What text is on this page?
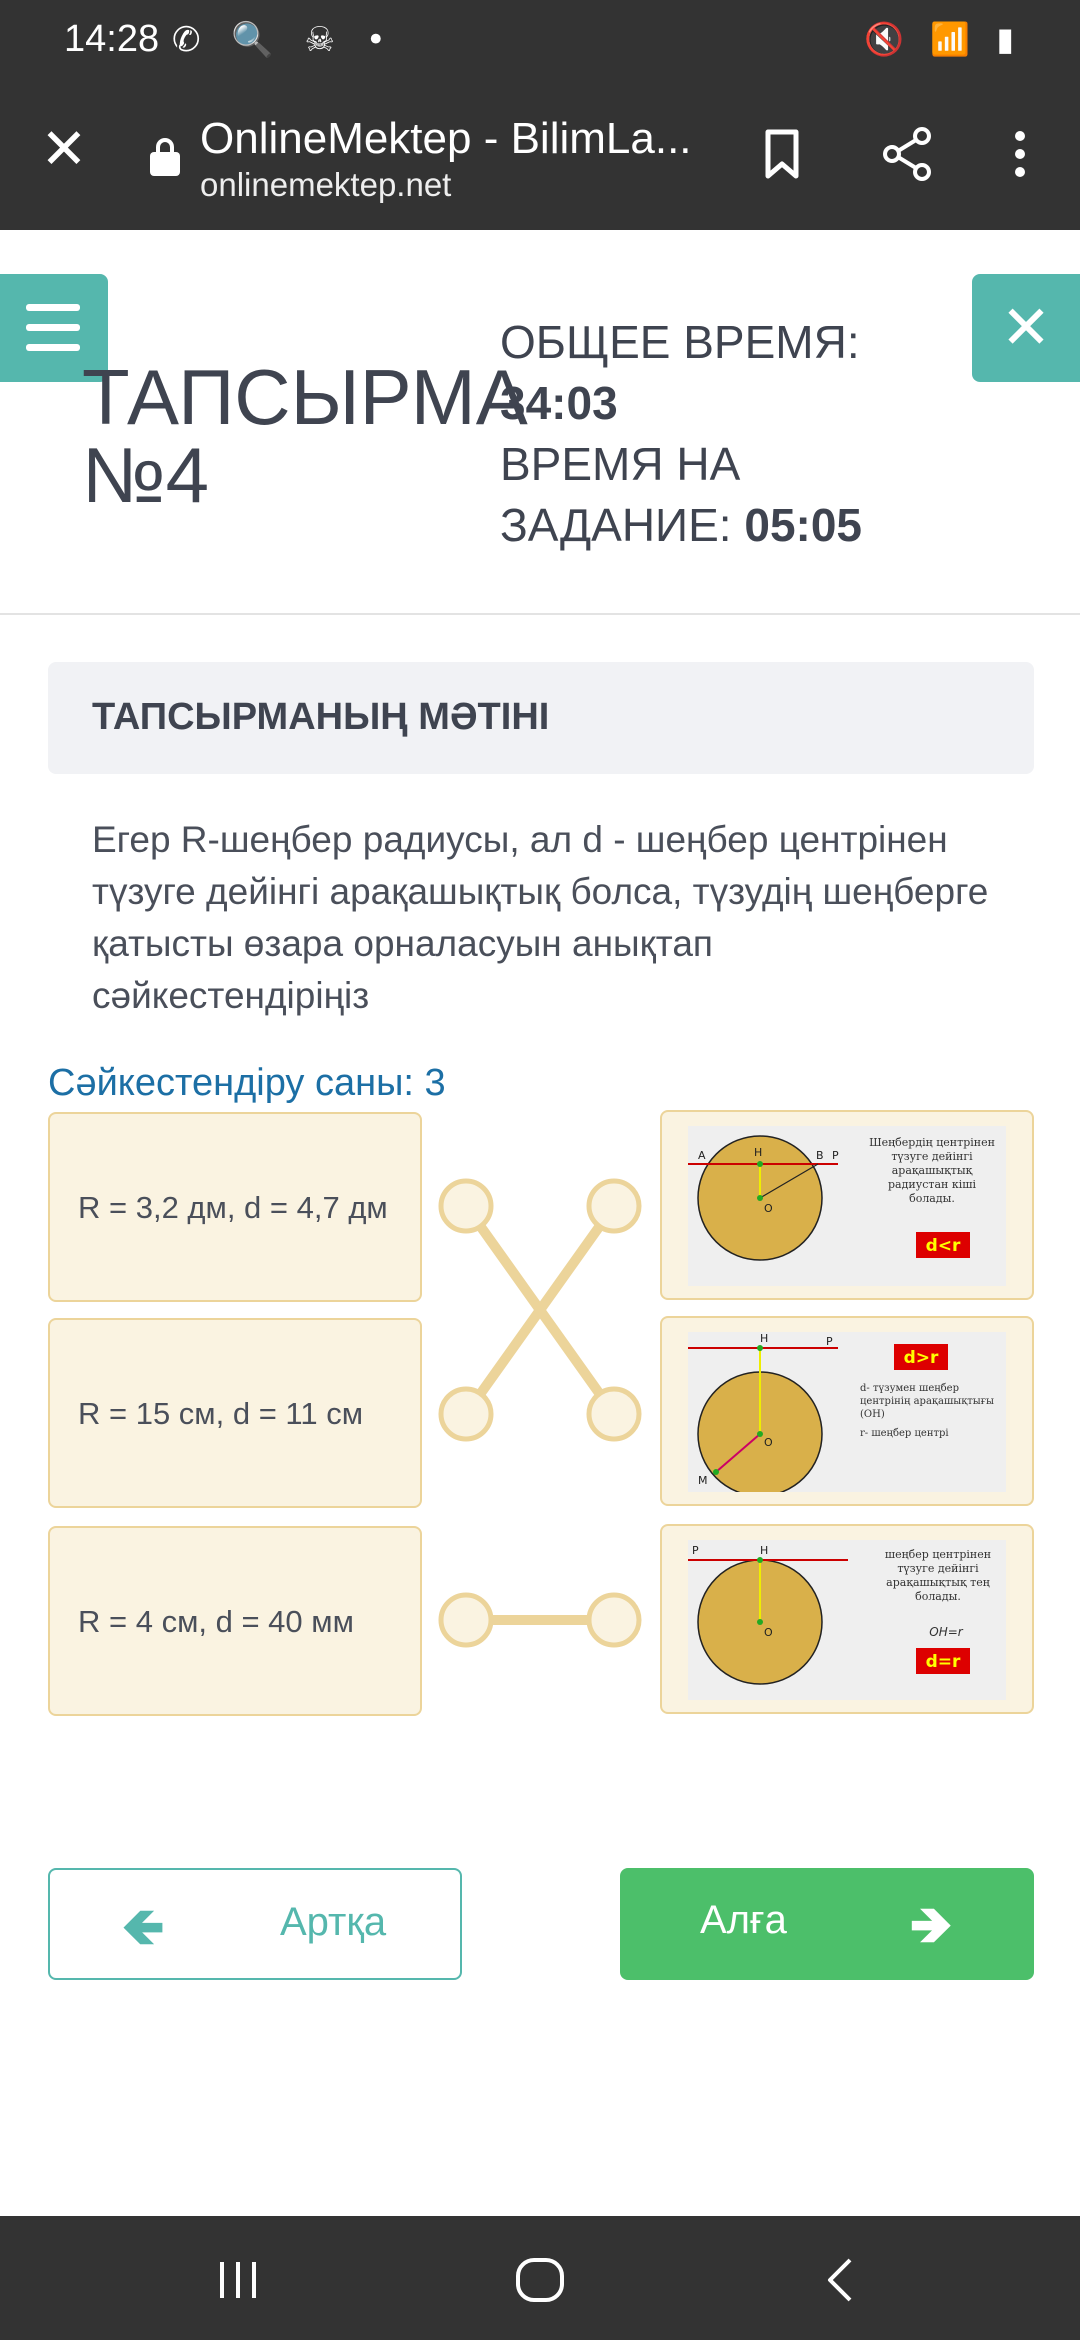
14:28 ✆ 🔍 ☠ •	🔇 📶 ▮
✕	OnlineMektep - BilimLa...
onlinemektep.net
✕
ТАПСЫРМА №4
ОБЩЕЕ ВРЕМЯ:
34:03
ВРЕМЯ НА ЗАДАНИЕ: 05:05
ТАПСЫРМАНЫҢ МӘТІНІ
Егер R-шеңбер радиусы, ал d - шеңбер центрінен түзуге дейінгі арақашықтық болса, түзудің шеңберге қатысты өзара орналасуын анықтап сәйкестендіріңіз
Сәйкестендіру саны: 3
R = 3,2 дм, d = 4,7 дм
R = 15 см, d = 11 см
R = 4 см, d = 40 мм
A	H	B P
O
Шеңбердің центрінен түзуге дейінгі арақашықтық радиустан кіші болады.
d<r
H	P
O
M
d>r
d- түзумен шеңбер центрінің арақашықтығы (OH)
r- шеңбер центрі
P	H
O
шеңбер центрінен түзуге дейінгі арақашықтық тең болады.
OH=r
d=r
🡸	Артқа	Алға 🡺
